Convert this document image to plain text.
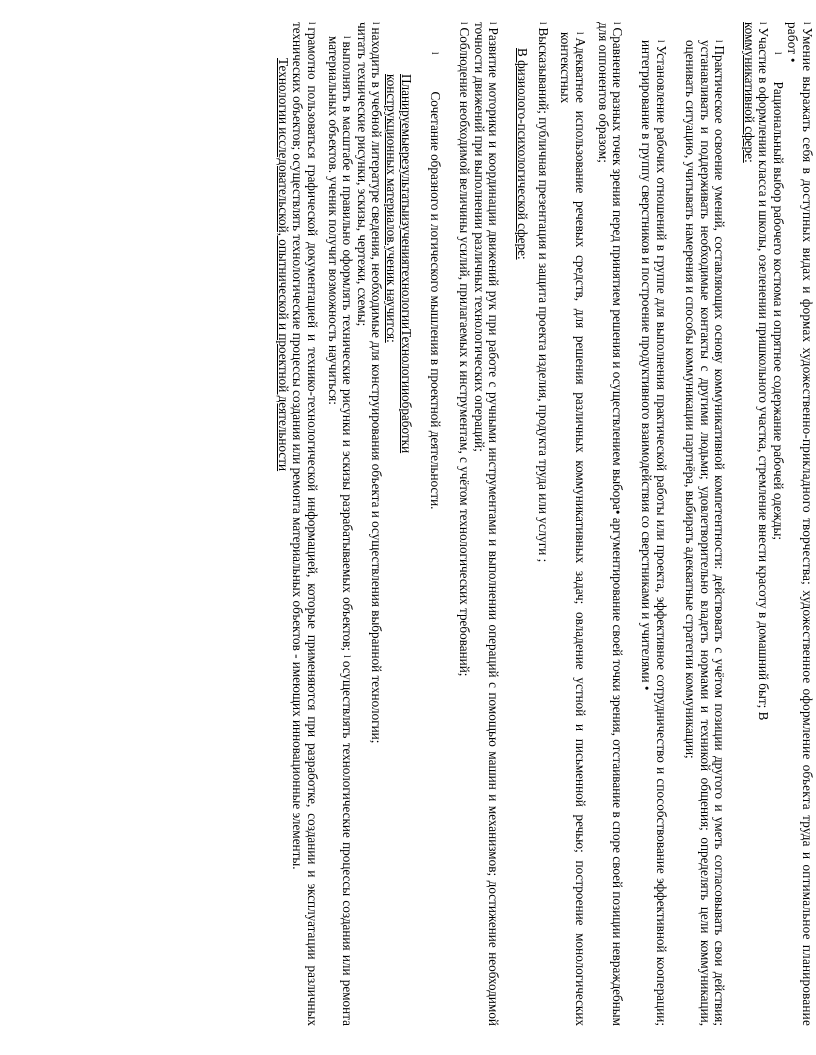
lУмение выражать себя в доступных видах и формах художественно-прикладного творчества; художественное оформление объекта труда и оптимальное планирование работ •

lРациональный выбор рабочего костюма и опрятное содержание рабочей одежды;

lУчастие в оформлении класса и школы, озеленении пришкольного участка, стремление внести красоту в домашний быт; В

коммуникативной сфере:

lПрактическое освоение умений, составляющих основу коммуникативной компетентности: действовать с учётом позиции другого и уметь согласовывать свои действия; устанавливать и поддерживать необходимые контакты с другими людьми; удовлетворительно владеть нормами и техникой общения; определять цели коммуникации, оценивать ситуацию, учитывать намерения и способы коммуникации партнёра, выбирать адекватные стратегии коммуникации;

lУстановление рабочих отношений в группе для выполнения практической работы или проекта, эффективное сотрудничество и способствование эффективной кооперации; интегрирование в группу сверстников и построение продуктивного взаимодействия со сверстниками и учителями •

lСравнение разных точек зрения перед принятием решения и осуществлением выбора• аргументирование своей точки зрения, отстаивание в споре своей позиции невраждебным для оппонентов образом;

lАдекватное использование речевых средств, для решения различных коммуникативных задач; овладение устной и письменной речью; построение монологических контекстных

lВысказываний; публичная презентация и защита проекта изделия, продукта труда или услуги ;

В физиолого-психологической сфере:

lРазвитие моторики и координации движений рук при работе с ручными инструментами и выполнении операций с помощью машин и механизмов; достижение необходимой точности движений при выполнении различных технологических операций;

lСоблюдение необходимой величины усилий, прилагаемых к инструментам, с учётом технологических требований;

lСочетание образного и логического мышления в проектной деятельности.

Планируемые
результаты
изучения
технологии
Технологии
обработки

конструкционных материалов.ученик научится:

lнаходить в учебной литературе сведения, необходимые для конструирования объекта и осуществления выбранной технологии;

читать технические рисунки, эскизы, чертежи, схемы;

lвыполнять в масштабе и правильно оформлять технические рисунки и эскизы разрабатываемых объектов; lосуществлять технологические процессы создания или ремонта материальных объектов. ученик получит возможность научиться:

lграмотно пользоваться графической документацией и технико-технологической информацией, которые применяются при разработке, создании и эксплуатации различных технических объектов; осуществлять технологические процессы создания или ремонта материальных объектов - имеющих инновационные элементы.

Технологии исследовательской, опытнической и проектной деятельности
